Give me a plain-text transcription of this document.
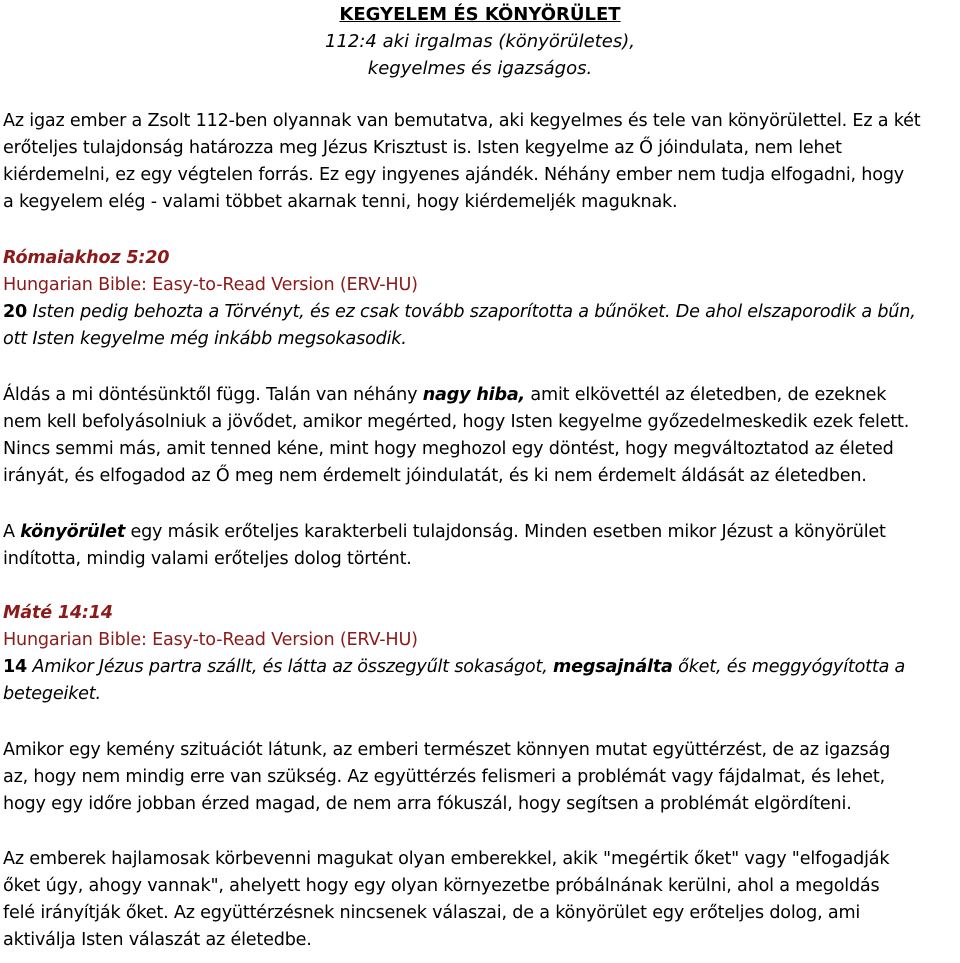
KEGYELEM ÉS KÖNYÖRÜLET
112:4 aki irgalmas (könyörületes),
kegyelmes és igazságos.

Az igaz ember a Zsolt 112-ben olyannak van bemutatva, aki kegyelmes és tele van könyörülettel. Ez a két

erőteljes tulajdonság határozza meg Jézus Krisztust is. Isten kegyelme az Ő jóindulata, nem lehet

kiérdemelni, ez egy végtelen forrás. Ez egy ingyenes ajándék. Néhány ember nem tudja elfogadni, hogy

a kegyelem elég - valami többet akarnak tenni, hogy kiérdemeljék maguknak.

Rómaiakhoz 5:20

Hungarian Bible: Easy-to-Read Version (ERV-HU)

20 Isten pedig behozta a Törvényt, és ez csak tovább szaporította a bűnöket. De ahol elszaporodik a bűn,

ott Isten kegyelme még inkább megsokasodik.

Áldás a mi döntésünktől függ. Talán van néhány nagy hiba, amit elkövettél az életedben, de ezeknek

nem kell befolyásolniuk a jövődet, amikor megérted, hogy Isten kegyelme győzedelmeskedik ezek felett.

Nincs semmi más, amit tenned kéne, mint hogy meghozol egy döntést, hogy megváltoztatod az életed

irányát, és elfogadod az Ő meg nem érdemelt jóindulatát, és ki nem érdemelt áldását az életedben.

A könyörület egy másik erőteljes karakterbeli tulajdonság. Minden esetben mikor Jézust a könyörület

indította, mindig valami erőteljes dolog történt.

Máté 14:14

Hungarian Bible: Easy-to-Read Version (ERV-HU)

14 Amikor Jézus partra szállt, és látta az összegyűlt sokaságot, megsajnálta őket, és meggyógyította a

betegeiket.

Amikor egy kemény szituációt látunk, az emberi természet könnyen mutat együttérzést, de az igazság

az, hogy nem mindig erre van szükség. Az együttérzés felismeri a problémát vagy fájdalmat, és lehet,

hogy egy időre jobban érzed magad, de nem arra fókuszál, hogy segítsen a problémát elgördíteni.

Az emberek hajlamosak körbevenni magukat olyan emberekkel, akik "megértik őket" vagy "elfogadják

őket úgy, ahogy vannak", ahelyett hogy egy olyan környezetbe próbálnának kerülni, ahol a megoldás

felé irányítják őket. Az együttérzésnek nincsenek válaszai, de a könyörület egy erőteljes dolog, ami

aktiválja Isten válaszát az életedbe.
